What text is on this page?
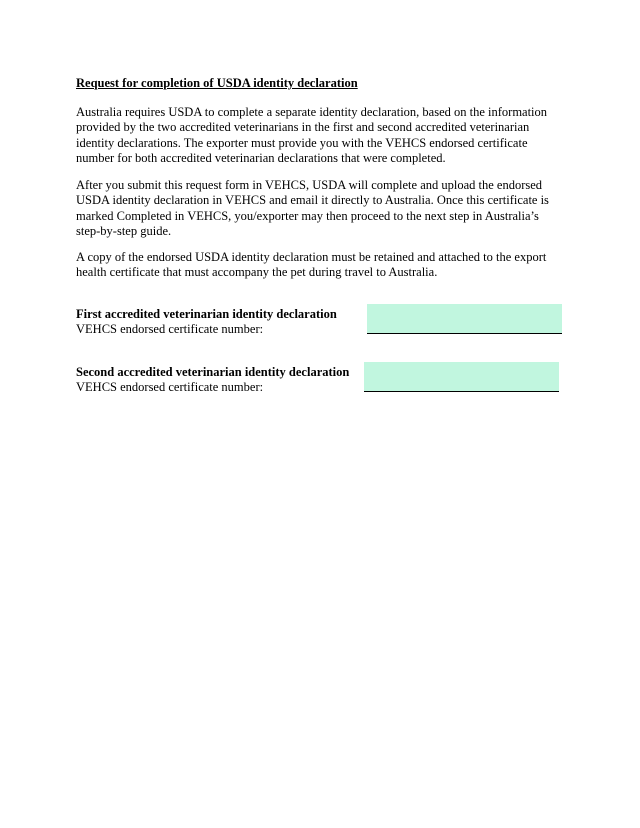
Request for completion of USDA identity declaration

Australia requires USDA to complete a separate identity declaration, based on the information provided by the two accredited veterinarians in the first and second accredited veterinarian identity declarations. The exporter must provide you with the VEHCS endorsed certificate number for both accredited veterinarian declarations that were completed.

After you submit this request form in VEHCS, USDA will complete and upload the endorsed USDA identity declaration in VEHCS and email it directly to Australia. Once this certificate is marked Completed in VEHCS, you/exporter may then proceed to the next step in Australia’s step-by-step guide.

A copy of the endorsed USDA identity declaration must be retained and attached to the export health certificate that must accompany the pet during travel to Australia.

First accredited veterinarian identity declaration
VEHCS endorsed certificate number:
Second accredited veterinarian identity declaration
VEHCS endorsed certificate number:
